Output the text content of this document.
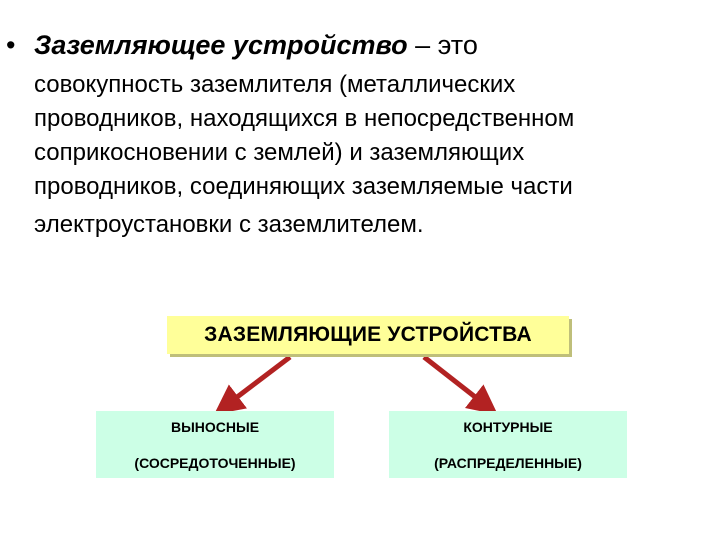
• Заземляющее устройство – это
совокупность заземлителя (металлических
проводников, находящихся в непосредственном
соприкосновении с землей) и заземляющих
проводников, соединяющих заземляемые части
электроустановки с заземлителем.
ЗАЗЕМЛЯЮЩИЕ УСТРОЙСТВА
ВЫНОСНЫЕ
(СОСРЕДОТОЧЕННЫЕ)
КОНТУРНЫЕ
(РАСПРЕДЕЛЕННЫЕ)
